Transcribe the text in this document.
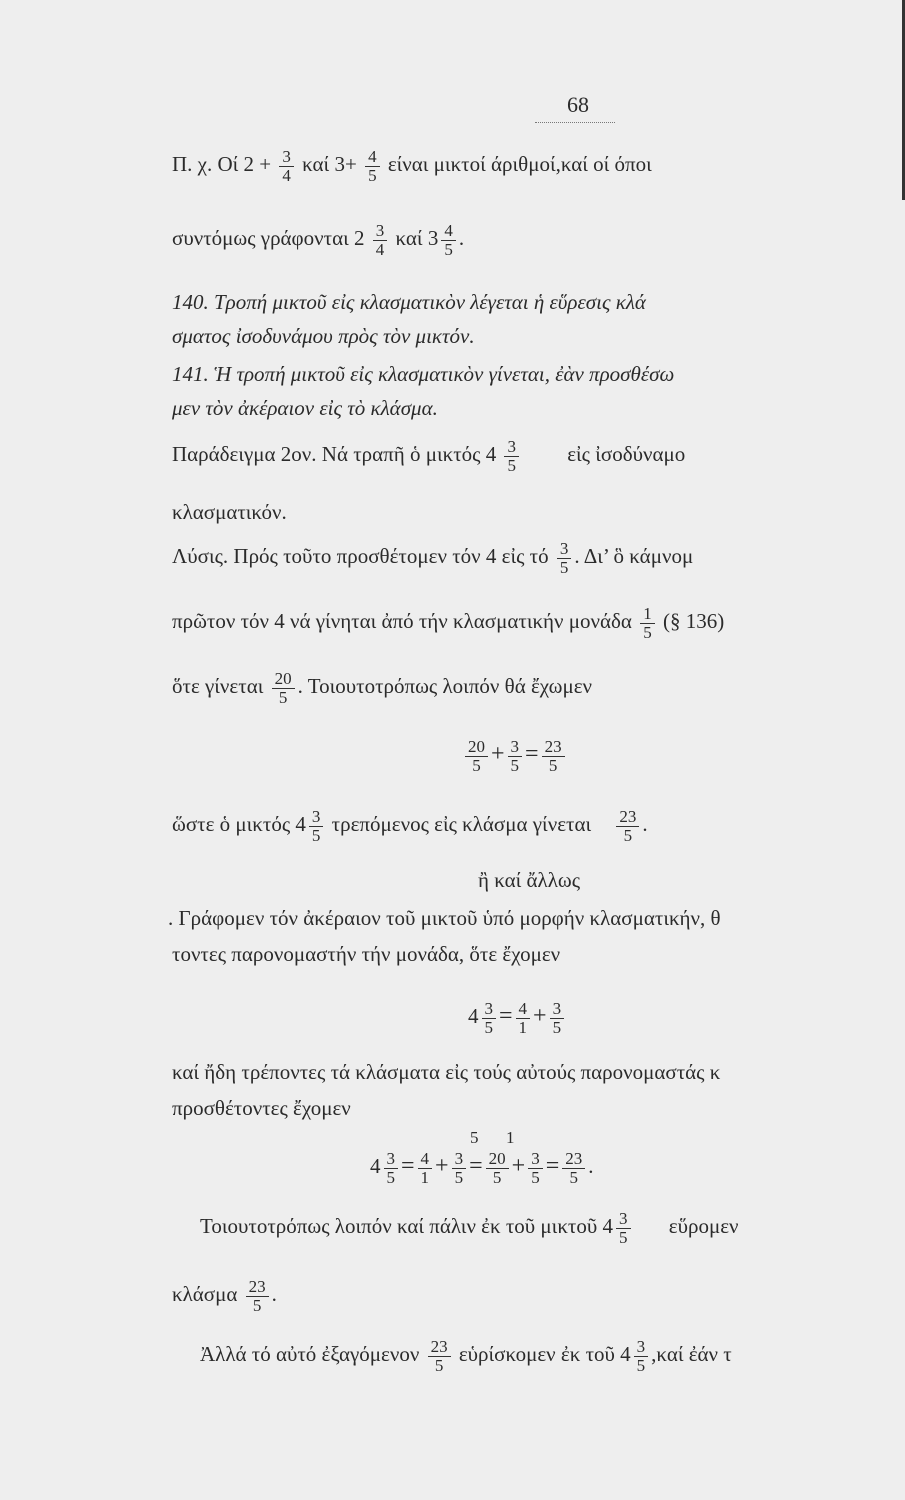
68
Π. χ. Οί $2 + \frac{3}{4}$ καί $3+ \frac{4}{5}$ είναι μικτοί άριθμοί,καί οί όποι
συντόμως γράφονται $2 \frac{3}{4}$ καί $3 \frac{4}{5}$ .
140. Τροπή μικτοῦ εἰς κλασματικὸν λέγεται ἡ εὕρεσις κλά
σματος ἰσοδυνάμου πρὸς τὸν μικτόν.
141. Ἡ τροπή μικτοῦ εἰς κλασματικὸν γίνεται, ἐὰν προσθέσω
μεν τὸν ἀκέραιον εἰς τὸ κλάσμα.
Παράδειγμα 2ον. Νά τραπῆ ὁ μικτός $4 \frac{3}{5}$ εἰς ἰσοδύναμο
κλασματικόν.
Λύσις. Πρός τοῦτο προσθέτομεν τόν 4 εἰς τό $\frac{3}{5}$ . Δι’ ὃ κάμνομ
πρῶτον τόν 4 νά γίνηται ἀπό τήν κλασματικήν μονάδα $\frac{1}{5}$ (§ 136)
ὅτε γίνεται $\frac{20}{5}$ . Τοιουτοτρόπως λοιπόν θά ἔχωμεν
$\frac{20}{5} + \frac{3}{5} = \frac{23}{5}$
ὥστε ὁ μικτός $4 \frac{3}{5}$ τρεπόμενος εἰς κλάσμα γίνεται $\frac{23}{5}$ .
ἢ καί ἄλλως
. Γράφομεν τόν ἀκέραιον τοῦ μικτοῦ ὑπό μορφήν κλασματικήν, θ
τοντες παρονομαστήν τήν μονάδα, ὅτε ἔχομεν
$4 \frac{3}{5} = \frac{4}{1} + \frac{3}{5}$
καί ἤδη τρέποντες τά κλάσματα εἰς τούς αὐτούς παρονομαστάς κ
προσθέτοντες ἔχομεν
5 1
$4 \frac{3}{5} = \frac{4}{1} + \frac{3}{5} = \frac{20}{5} + \frac{3}{5} = \frac{23}{5}$ .
Τοιουτοτρόπως λοιπόν καί πάλιν ἐκ τοῦ μικτοῦ $4 \frac{3}{5}$ εὕρομεν
κλάσμα $\frac{23}{5}$ .
Ἀλλά τό αὐτό ἐξαγόμενον $\frac{23}{5}$ εὑρίσκομεν ἐκ τοῦ $4 \frac{3}{5} ,\kappa\alpha ί$ ἐάν τ
